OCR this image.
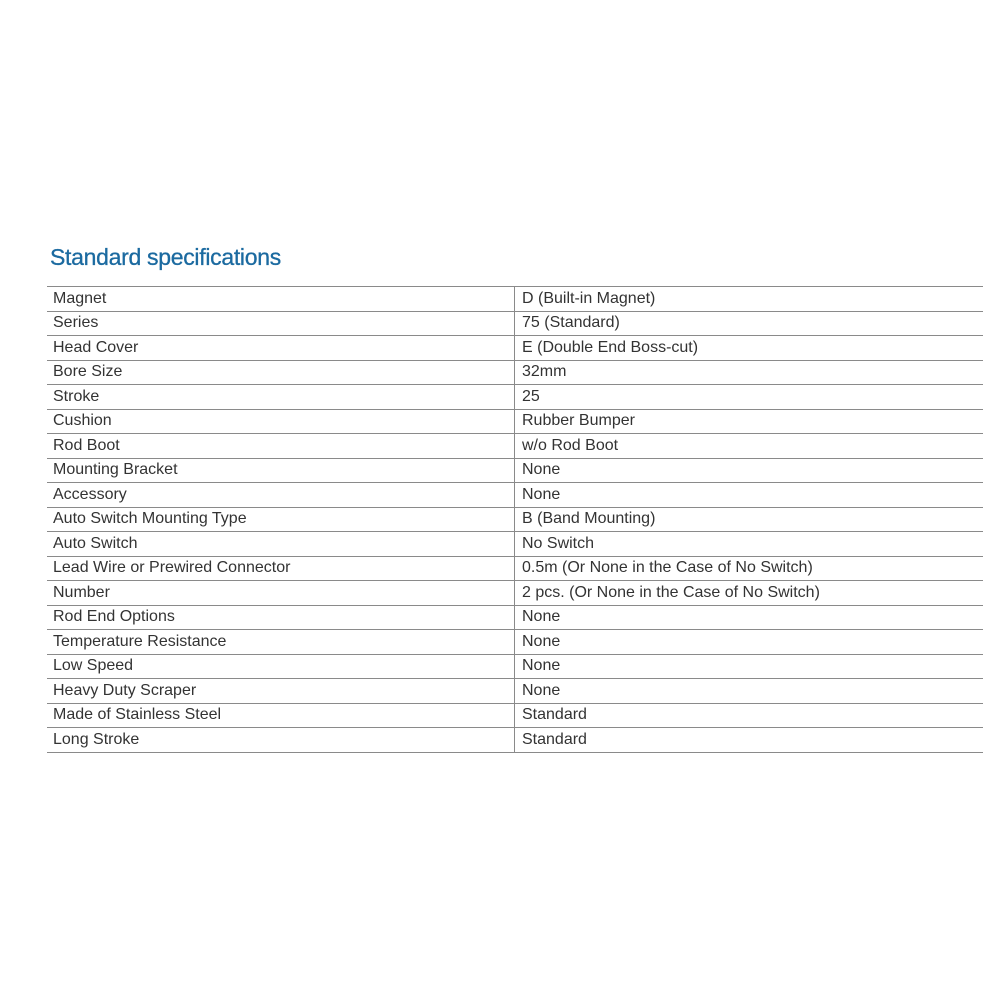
Standard specifications
Magnet	D (Built-in Magnet)
Series	75 (Standard)
Head Cover	E (Double End Boss-cut)
Bore Size	32mm
Stroke	25
Cushion	Rubber Bumper
Rod Boot	w/o Rod Boot
Mounting Bracket	None
Accessory	None
Auto Switch Mounting Type	B (Band Mounting)
Auto Switch	No Switch
Lead Wire or Prewired Connector	0.5m (Or None in the Case of No Switch)
Number	2 pcs. (Or None in the Case of No Switch)
Rod End Options	None
Temperature Resistance	None
Low Speed	None
Heavy Duty Scraper	None
Made of Stainless Steel	Standard
Long Stroke	Standard
